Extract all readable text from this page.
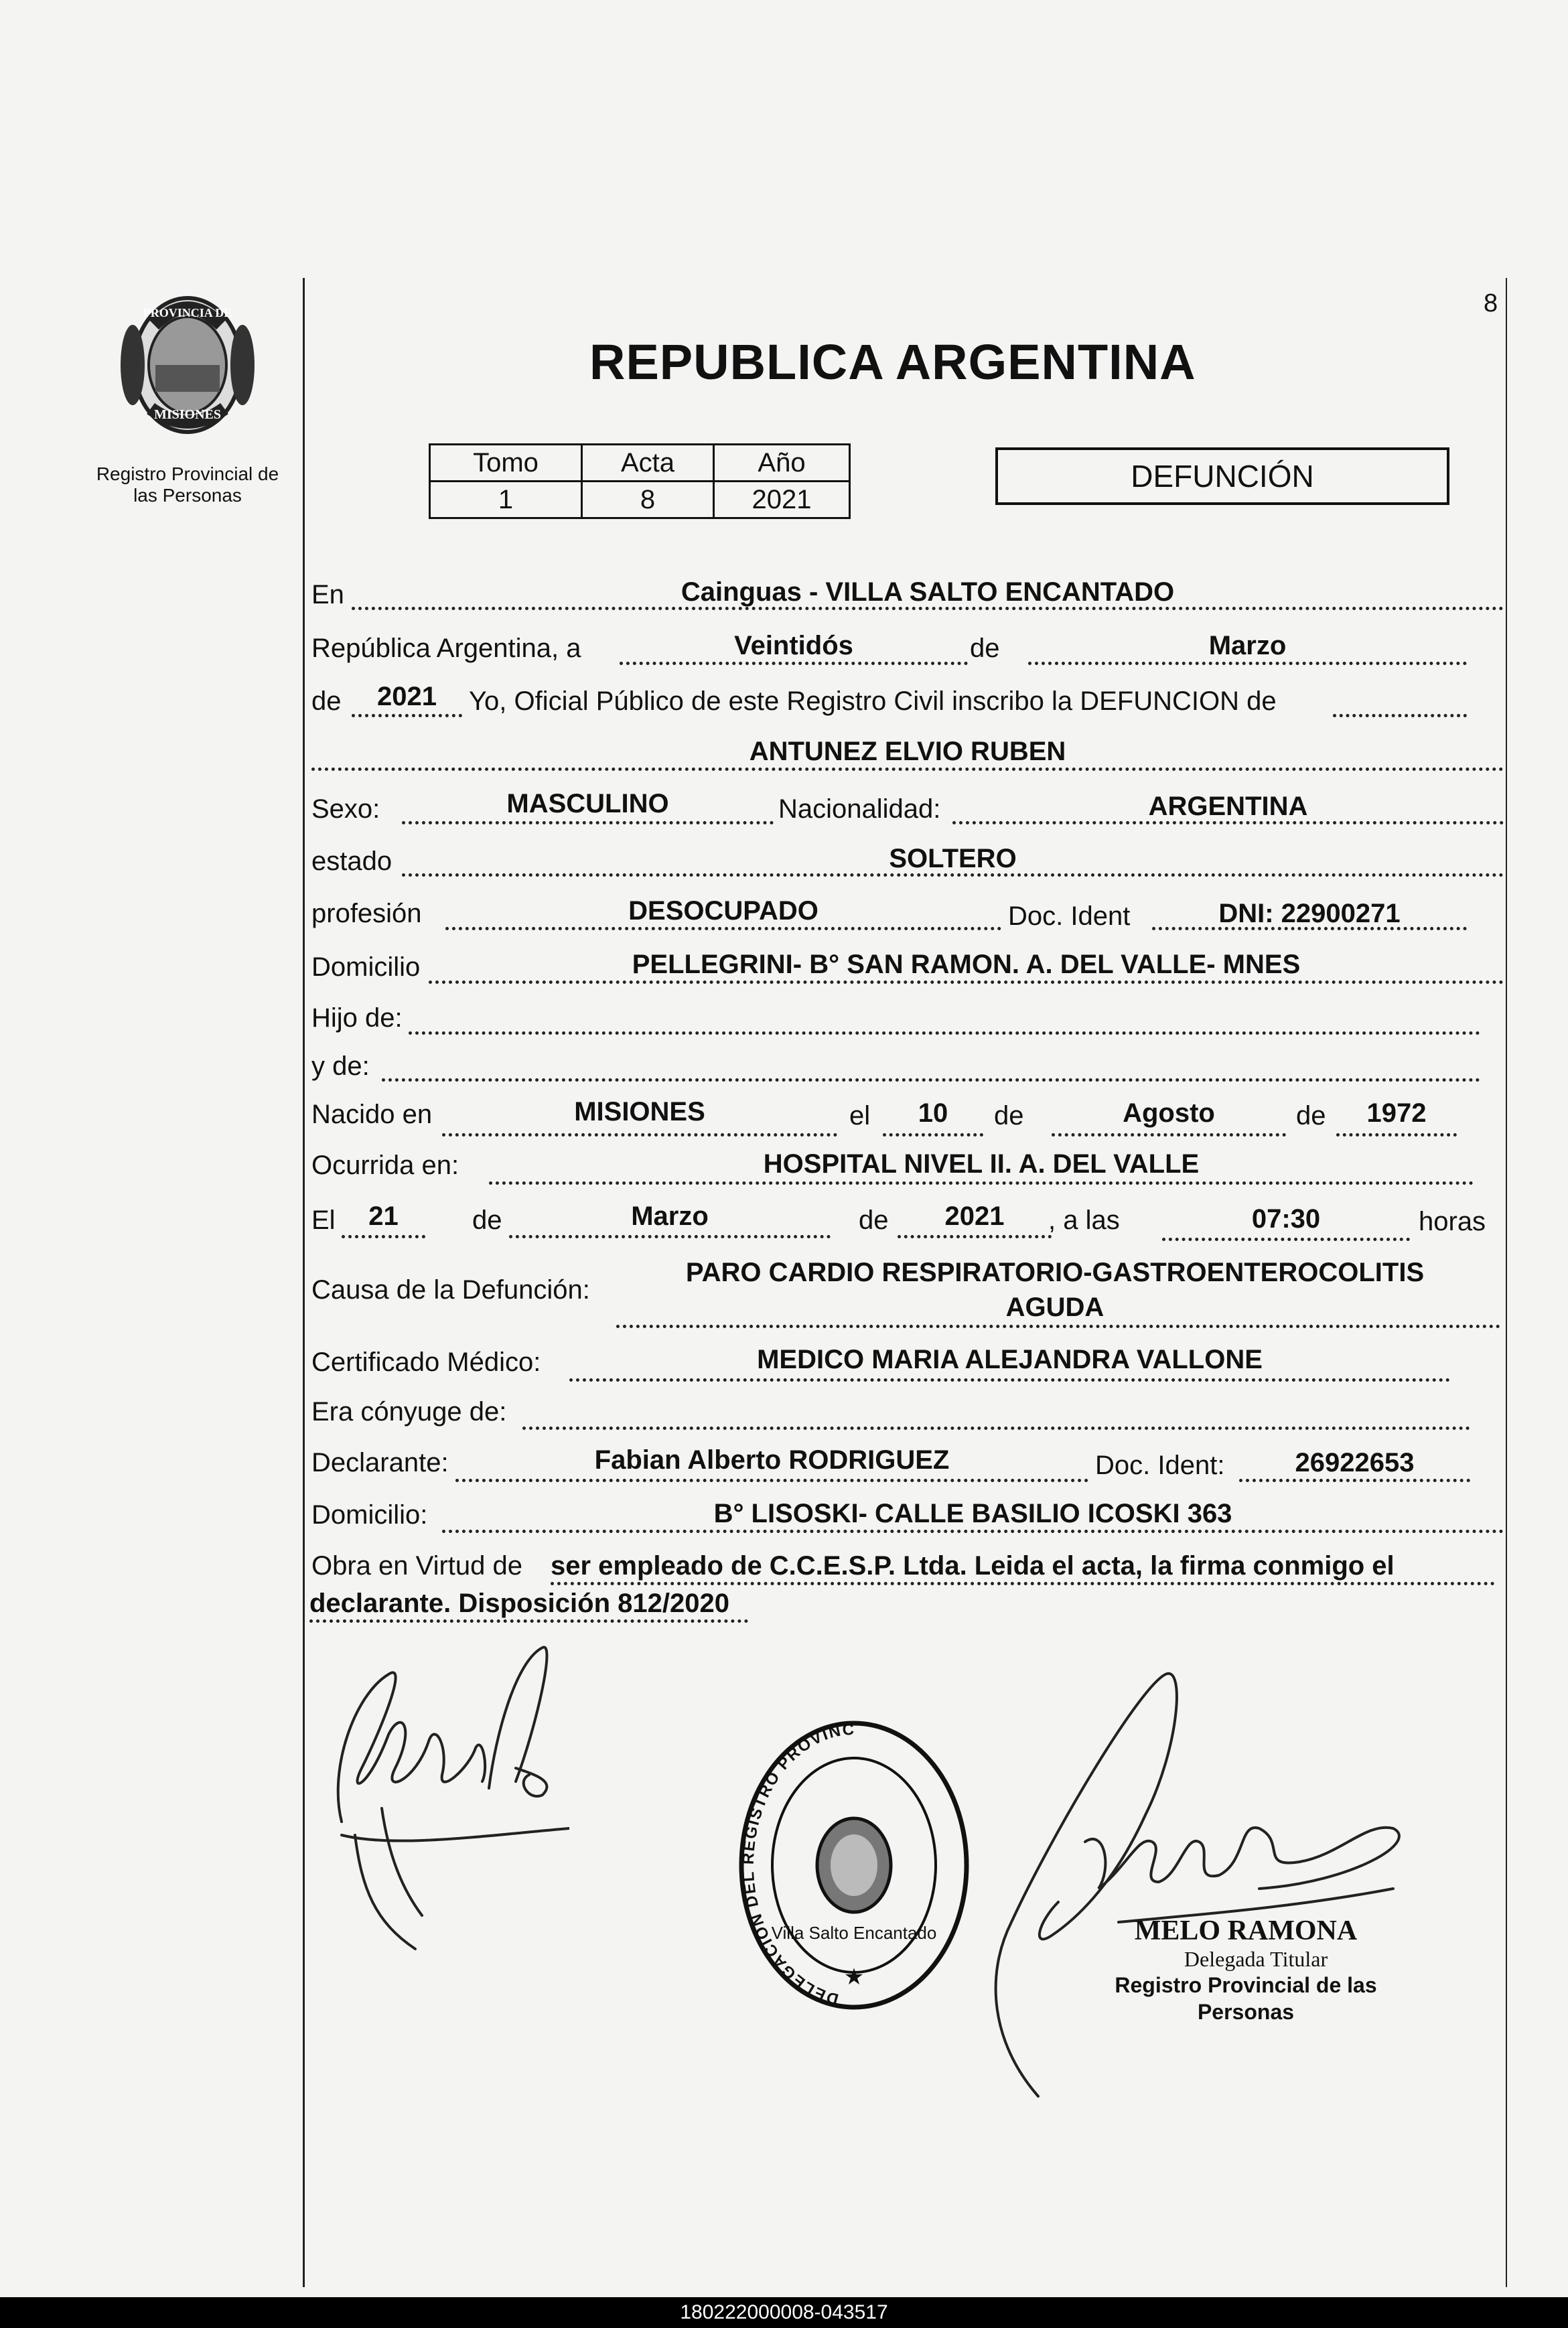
PROVINCIA DE
MISIONES
Registro Provincial de
las Personas
8
REPUBLICA ARGENTINA
Tomo	Acta	Año
1	8	2021
DEFUNCIÓN
En	Cainguas - VILLA SALTO ENCANTADO
República Argentina, a	Veintidós	de	Marzo
de	2021	Yo, Oficial Público de este Registro Civil inscribo la DEFUNCION de
ANTUNEZ ELVIO RUBEN
Sexo:	MASCULINO	Nacionalidad:	ARGENTINA
estado	SOLTERO
profesión	DESOCUPADO	Doc. Ident	DNI: 22900271
Domicilio	PELLEGRINI- B° SAN RAMON. A. DEL VALLE- MNES
Hijo de:
y de:
Nacido en	MISIONES	el	10	de	Agosto	de	1972
Ocurrida en:	HOSPITAL NIVEL II. A. DEL VALLE
El	21	de	Marzo	de	2021	, a las	07:30	horas
Causa de la Defunción:
PARO CARDIO RESPIRATORIO-GASTROENTEROCOLITIS
AGUDA
Certificado Médico:	MEDICO MARIA ALEJANDRA VALLONE
Era cónyuge de:
Declarante:	Fabian Alberto RODRIGUEZ	Doc. Ident:	26922653
Domicilio:	B° LISOSKI- CALLE BASILIO ICOSKI 363
Obra en Virtud de ser empleado de C.C.E.S.P. Ltda. Leida el acta, la firma conmigo el
declarante. Disposición 812/2020
DELEGACION DEL REGISTRO PROVINC
Villa Salto Encantado
★
MELO RAMONA
Delegada Titular
Registro Provincial de las Personas
180222000008-043517
